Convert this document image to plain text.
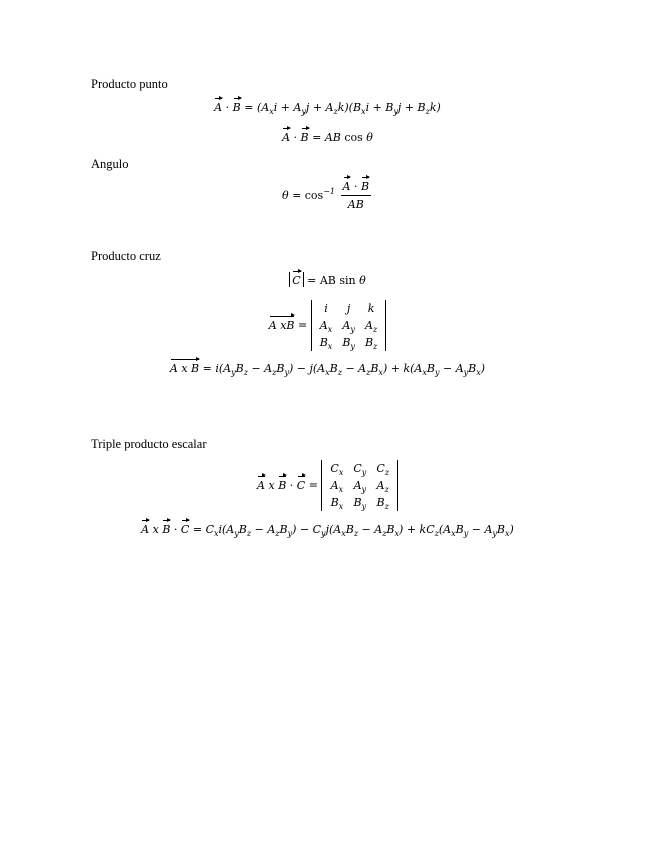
Producto punto
$A \cdot B = (A_xi + A_yj + A_zk)(B_xi + B_yj + B_zk)$
A · B = AB cos θ
Angulo
$\theta = \cos^{-1} \frac{A \cdot B}{AB}$
Producto cruz
C = AB sin θ
A xB =
i	j	k
$A_x$	$A_y$	$A_z$
$B_x$	$B_y$	$B_z$
A x $B = i(A_yB_z - A_zB_y) - j(A_xB_z - A_zB_x) + k(A_xB_y - A_yB_x)$
Triple producto escalar
A x B · C =
$C_x$	$C_y$	$C_z$
$A_x$	$A_y$	$A_z$
$B_x$	$B_y$	$B_z$
A x $B \cdot C = C_xi(A_yB_z - A_zB_y) - C_yj(A_xB_z - A_zB_x) + kC_z(A_xB_y - A_yB_x)$
